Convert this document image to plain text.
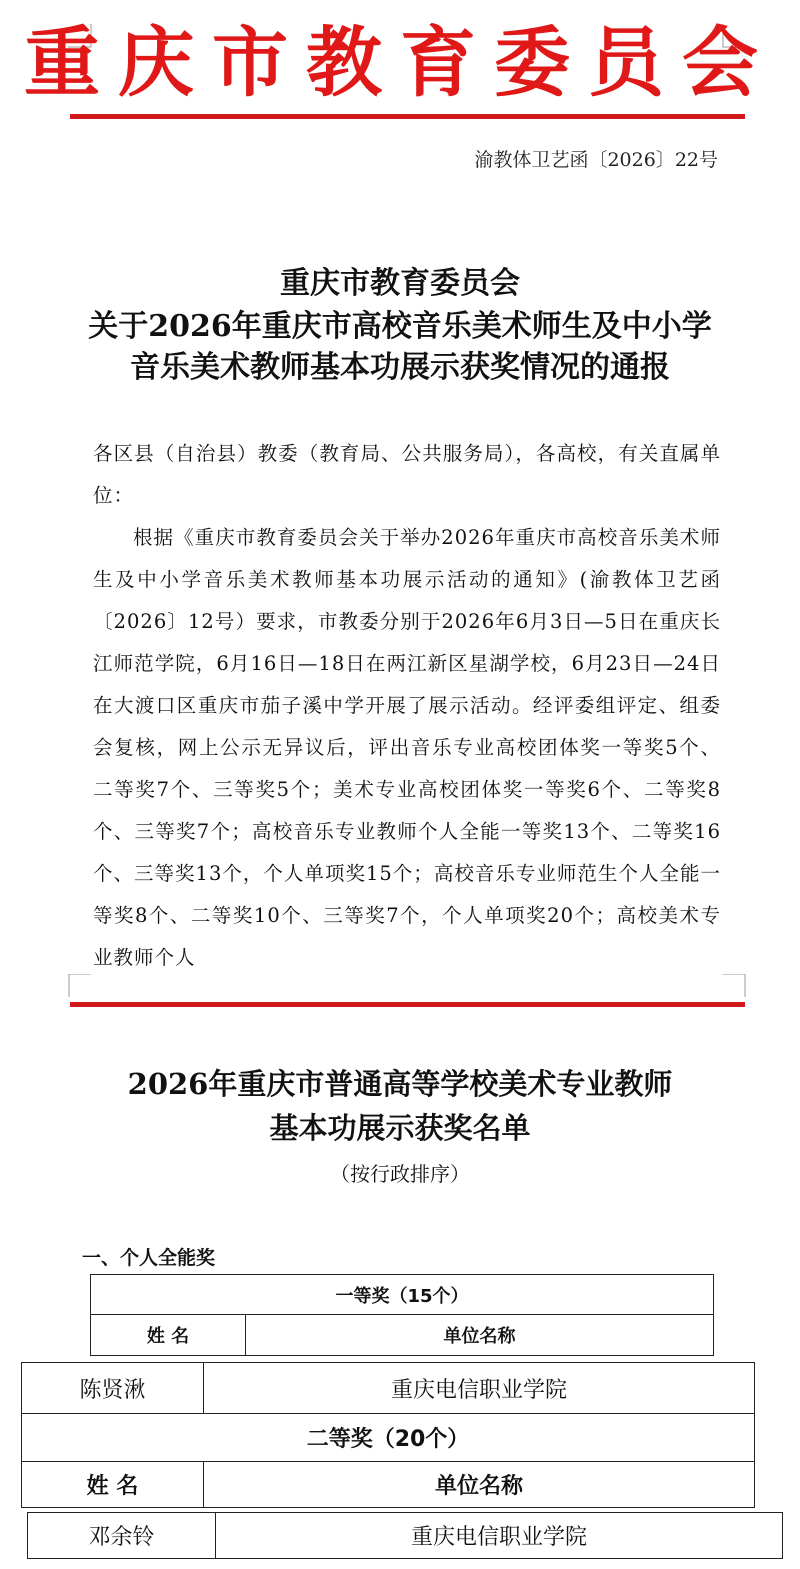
重庆市教育委员会
渝教体卫艺函〔2026〕22号
重庆市教育委员会
关于2026年重庆市高校音乐美术师生及中小学
音乐美术教师基本功展示获奖情况的通报
各区县（自治县）教委（教育局、公共服务局），各高校，有关直属单位：
根据《重庆市教育委员会关于举办2026年重庆市高校音乐美术师生及中小学音乐美术教师基本功展示活动的通知》(渝教体卫艺函〔2026〕12号）要求，市教委分别于2026年6月3日—5日在重庆长江师范学院，6月16日—18日在两江新区星湖学校，6月23日—24日在大渡口区重庆市茄子溪中学开展了展示活动。经评委组评定、组委会复核，网上公示无异议后，评出音乐专业高校团体奖一等奖5个、二等奖7个、三等奖5个；美术专业高校团体奖一等奖6个、二等奖8个、三等奖7个；高校音乐专业教师个人全能一等奖13个、二等奖16个、三等奖13个，个人单项奖15个；高校音乐专业师范生个人全能一等奖8个、二等奖10个、三等奖7个，个人单项奖20个；高校美术专业教师个人
2026年重庆市普通高等学校美术专业教师
基本功展示获奖名单
（按行政排序）
一、个人全能奖
一等奖（15个）
姓 名	单位名称
陈贤湫	重庆电信职业学院
二等奖（20个）	
姓 名	单位名称
邓余铃	重庆电信职业学院
